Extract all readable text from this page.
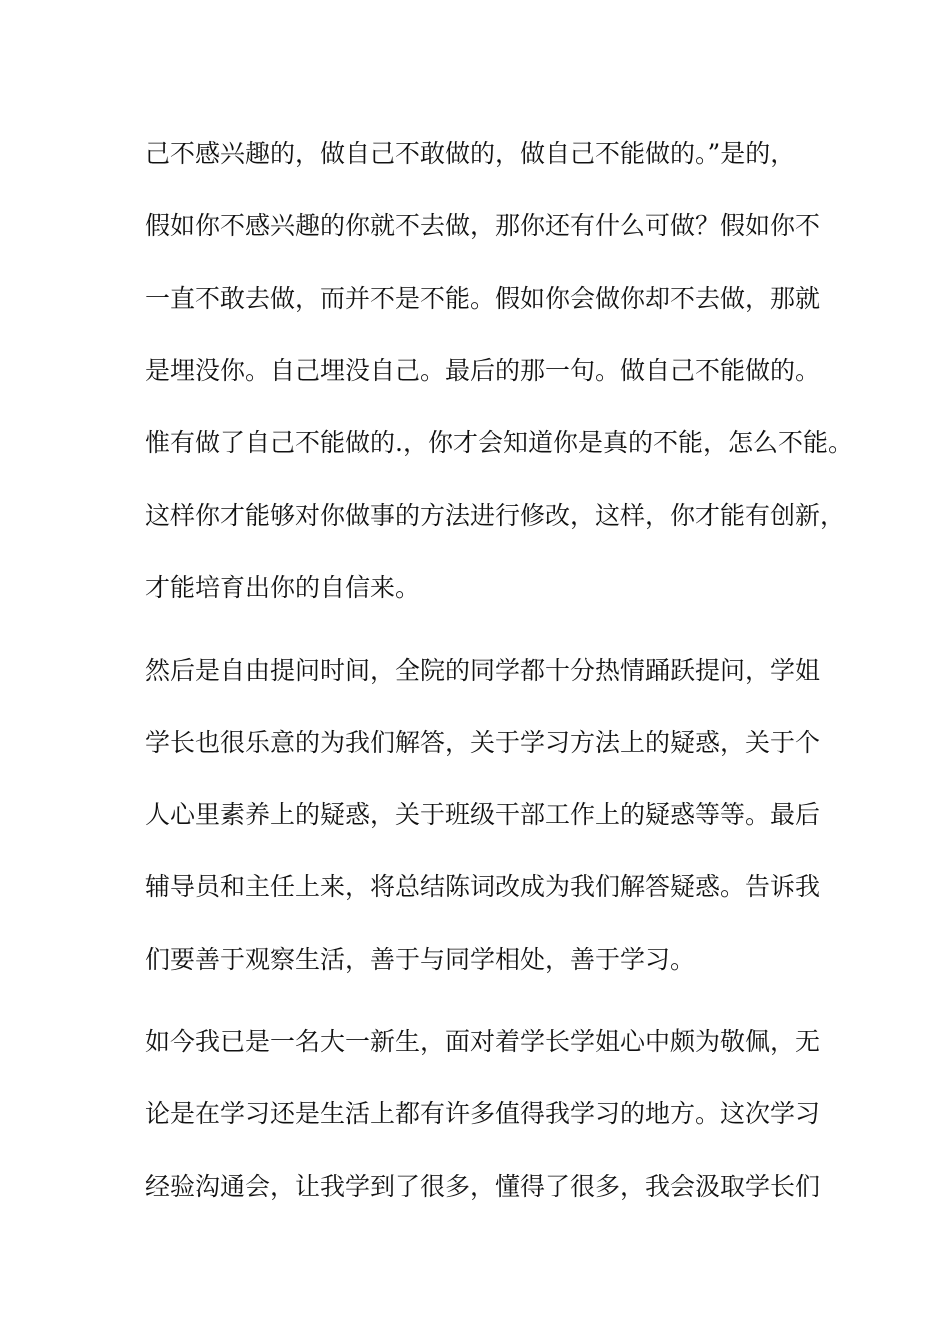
己不感兴趣的，做自己不敢做的，做自己不能做的。”是的，
假如你不感兴趣的你就不去做，那你还有什么可做？假如你不
一直不敢去做，而并不是不能。假如你会做你却不去做，那就
是埋没你。自己埋没自己。最后的那一句。做自己不能做的。
惟有做了自己不能做的.，你才会知道你是真的不能，怎么不能。
这样你才能够对你做事的方法进行修改，这样，你才能有创新，
才能培育出你的自信来。
然后是自由提问时间，全院的同学都十分热情踊跃提问，学姐
学长也很乐意的为我们解答，关于学习方法上的疑惑，关于个
人心里素养上的疑惑，关于班级干部工作上的疑惑等等。最后
辅导员和主任上来，将总结陈词改成为我们解答疑惑。告诉我
们要善于观察生活，善于与同学相处，善于学习。
如今我已是一名大一新生，面对着学长学姐心中颇为敬佩，无
论是在学习还是生活上都有许多值得我学习的地方。这次学习
经验沟通会，让我学到了很多，懂得了很多，我会汲取学长们
